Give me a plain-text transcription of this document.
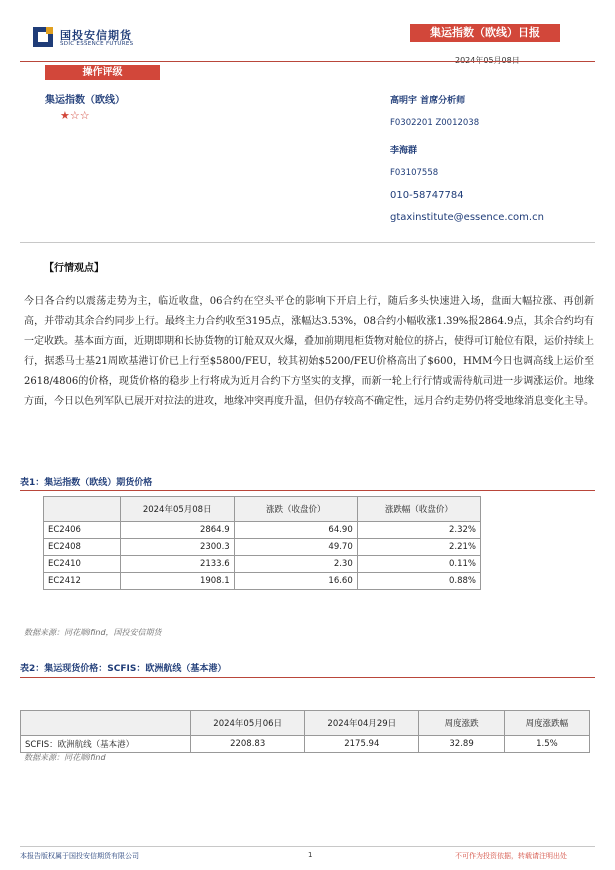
国投安信期货
SDIC ESSENCE FUTURES
集运指数（欧线）日报
操作评级
集运指数（欧线）
★☆☆
高明宇 首席分析师
F0302201 Z0012038
李海群
F03107558
010-58747784
gtaxinstitute@essence.com.cn
【行情观点】
今日各合约以震荡走势为主，临近收盘，06合约在空头平仓的影响下开启上行，随后多头快速进入场，盘面大幅拉涨、再创新高，并带动其余合约同步上行。最终主力合约收至3195点，涨幅达3.53%，08合约小幅收涨1.39%报2864.9点，其余合约均有一定收跌。基本面方面，近期即期和长协货物的订舱双双火爆，叠加前期甩柜货物对舱位的挤占，使得可订舱位有限，运价持续上行，据悉马士基21周欧基港订价已上行至$5800/FEU，较其初始$5200/FEU价格高出了$600，HMM今日也调高线上运价至2618/4806的价格，现货价格的稳步上行将成为近月合约下方坚实的支撑，而新一轮上行行情或需待航司进一步调涨运价。地缘方面，今日以色列军队已展开对拉法的进攻，地缘冲突再度升温，但仍存较高不确定性，远月合约走势仍将受地缘消息变化主导。
表1：集运指数（欧线）期货价格
	2024年05月08日	涨跌（收盘价）	涨跌幅（收盘价）
EC2406	2864.9	64.90	2.32%
EC2408	2300.3	49.70	2.21%
EC2410	2133.6	2.30	0.11%
EC2412	1908.1	16.60	0.88%
数据来源：同花顺ifind，国投安信期货
表2：集运现货价格：SCFIS：欧洲航线（基本港）
	2024年05月06日	2024年04月29日	周度涨跌	周度涨跌幅
SCFIS：欧洲航线（基本港）	2208.83	2175.94	32.89	1.5%
数据来源：同花顺ifind
本报告版权属于国投安信期货有限公司	1	不可作为投资依据，转载请注明出处
